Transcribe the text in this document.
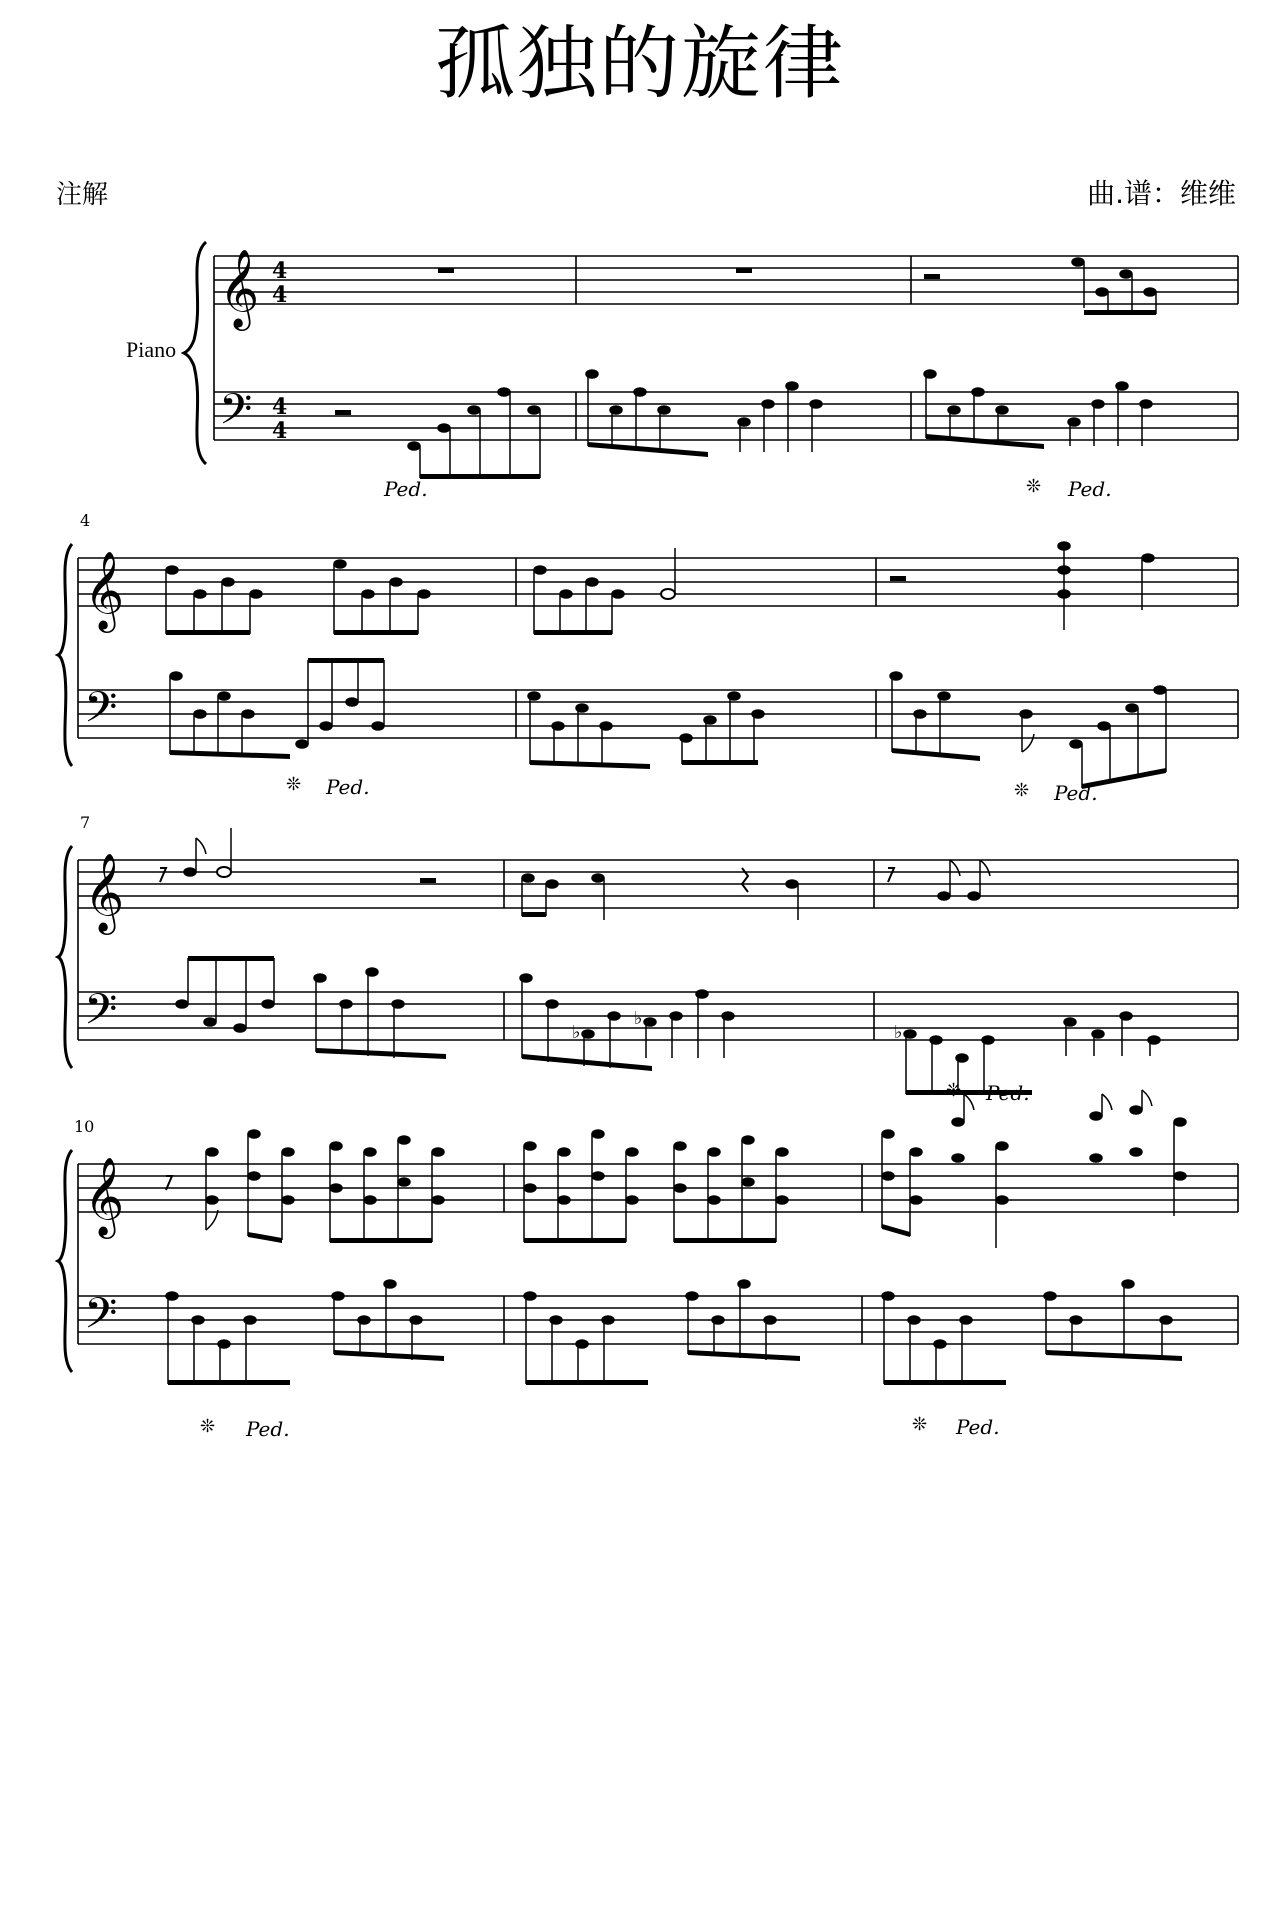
孤独的旋律
注解	曲.谱：维维
𝄞
𝄢
4
4
4
4
Piano
Ped.	❊ Ped.
4
𝄞
𝄢
❊ Ped.	❊ Ped.
7
𝄞
𝄢	♭
♭
♭
❊ Ped.
10
𝄞
𝄢
❊ Ped.	❊ Ped.
